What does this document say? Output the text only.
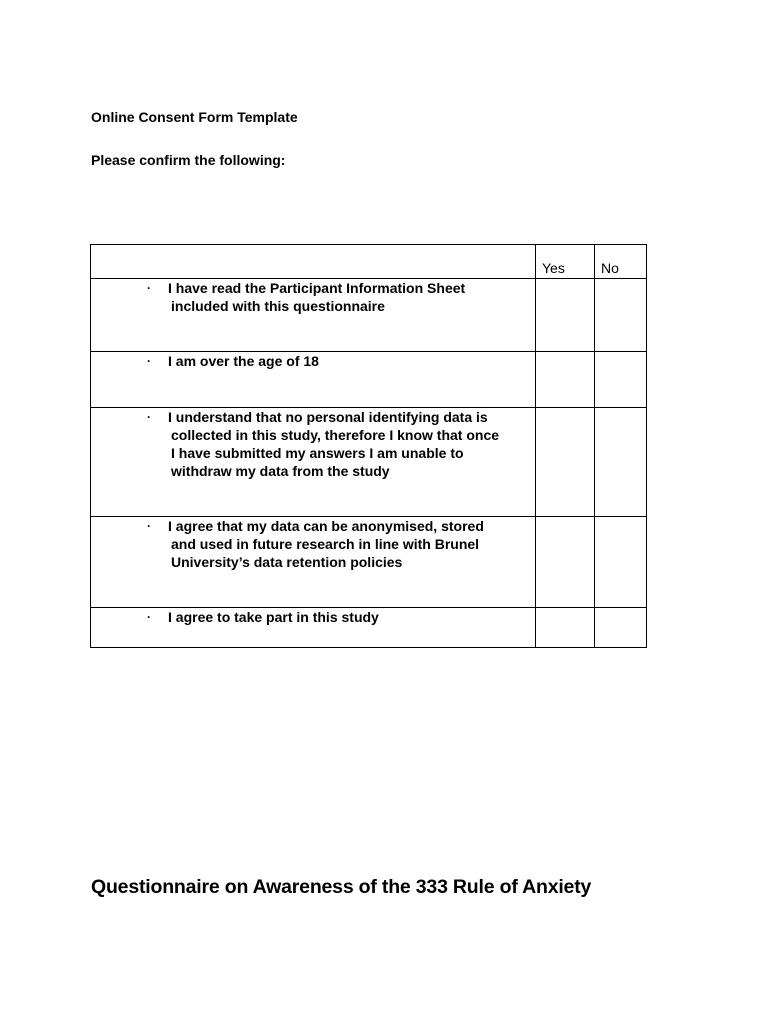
Online Consent Form Template
Please confirm the following:

	Yes	No

· I have read the Participant Information Sheet
included with this questionnaire		

· I am over the age of 18		

· I understand that no personal identifying data is
collected in this study, therefore I know that once
I have submitted my answers I am unable to
withdraw my data from the study		

· I agree that my data can be anonymised, stored
and used in future research in line with Brunel
University’s data retention policies		

· I agree to take part in this study		

Questionnaire on Awareness of the 333 Rule of Anxiety
